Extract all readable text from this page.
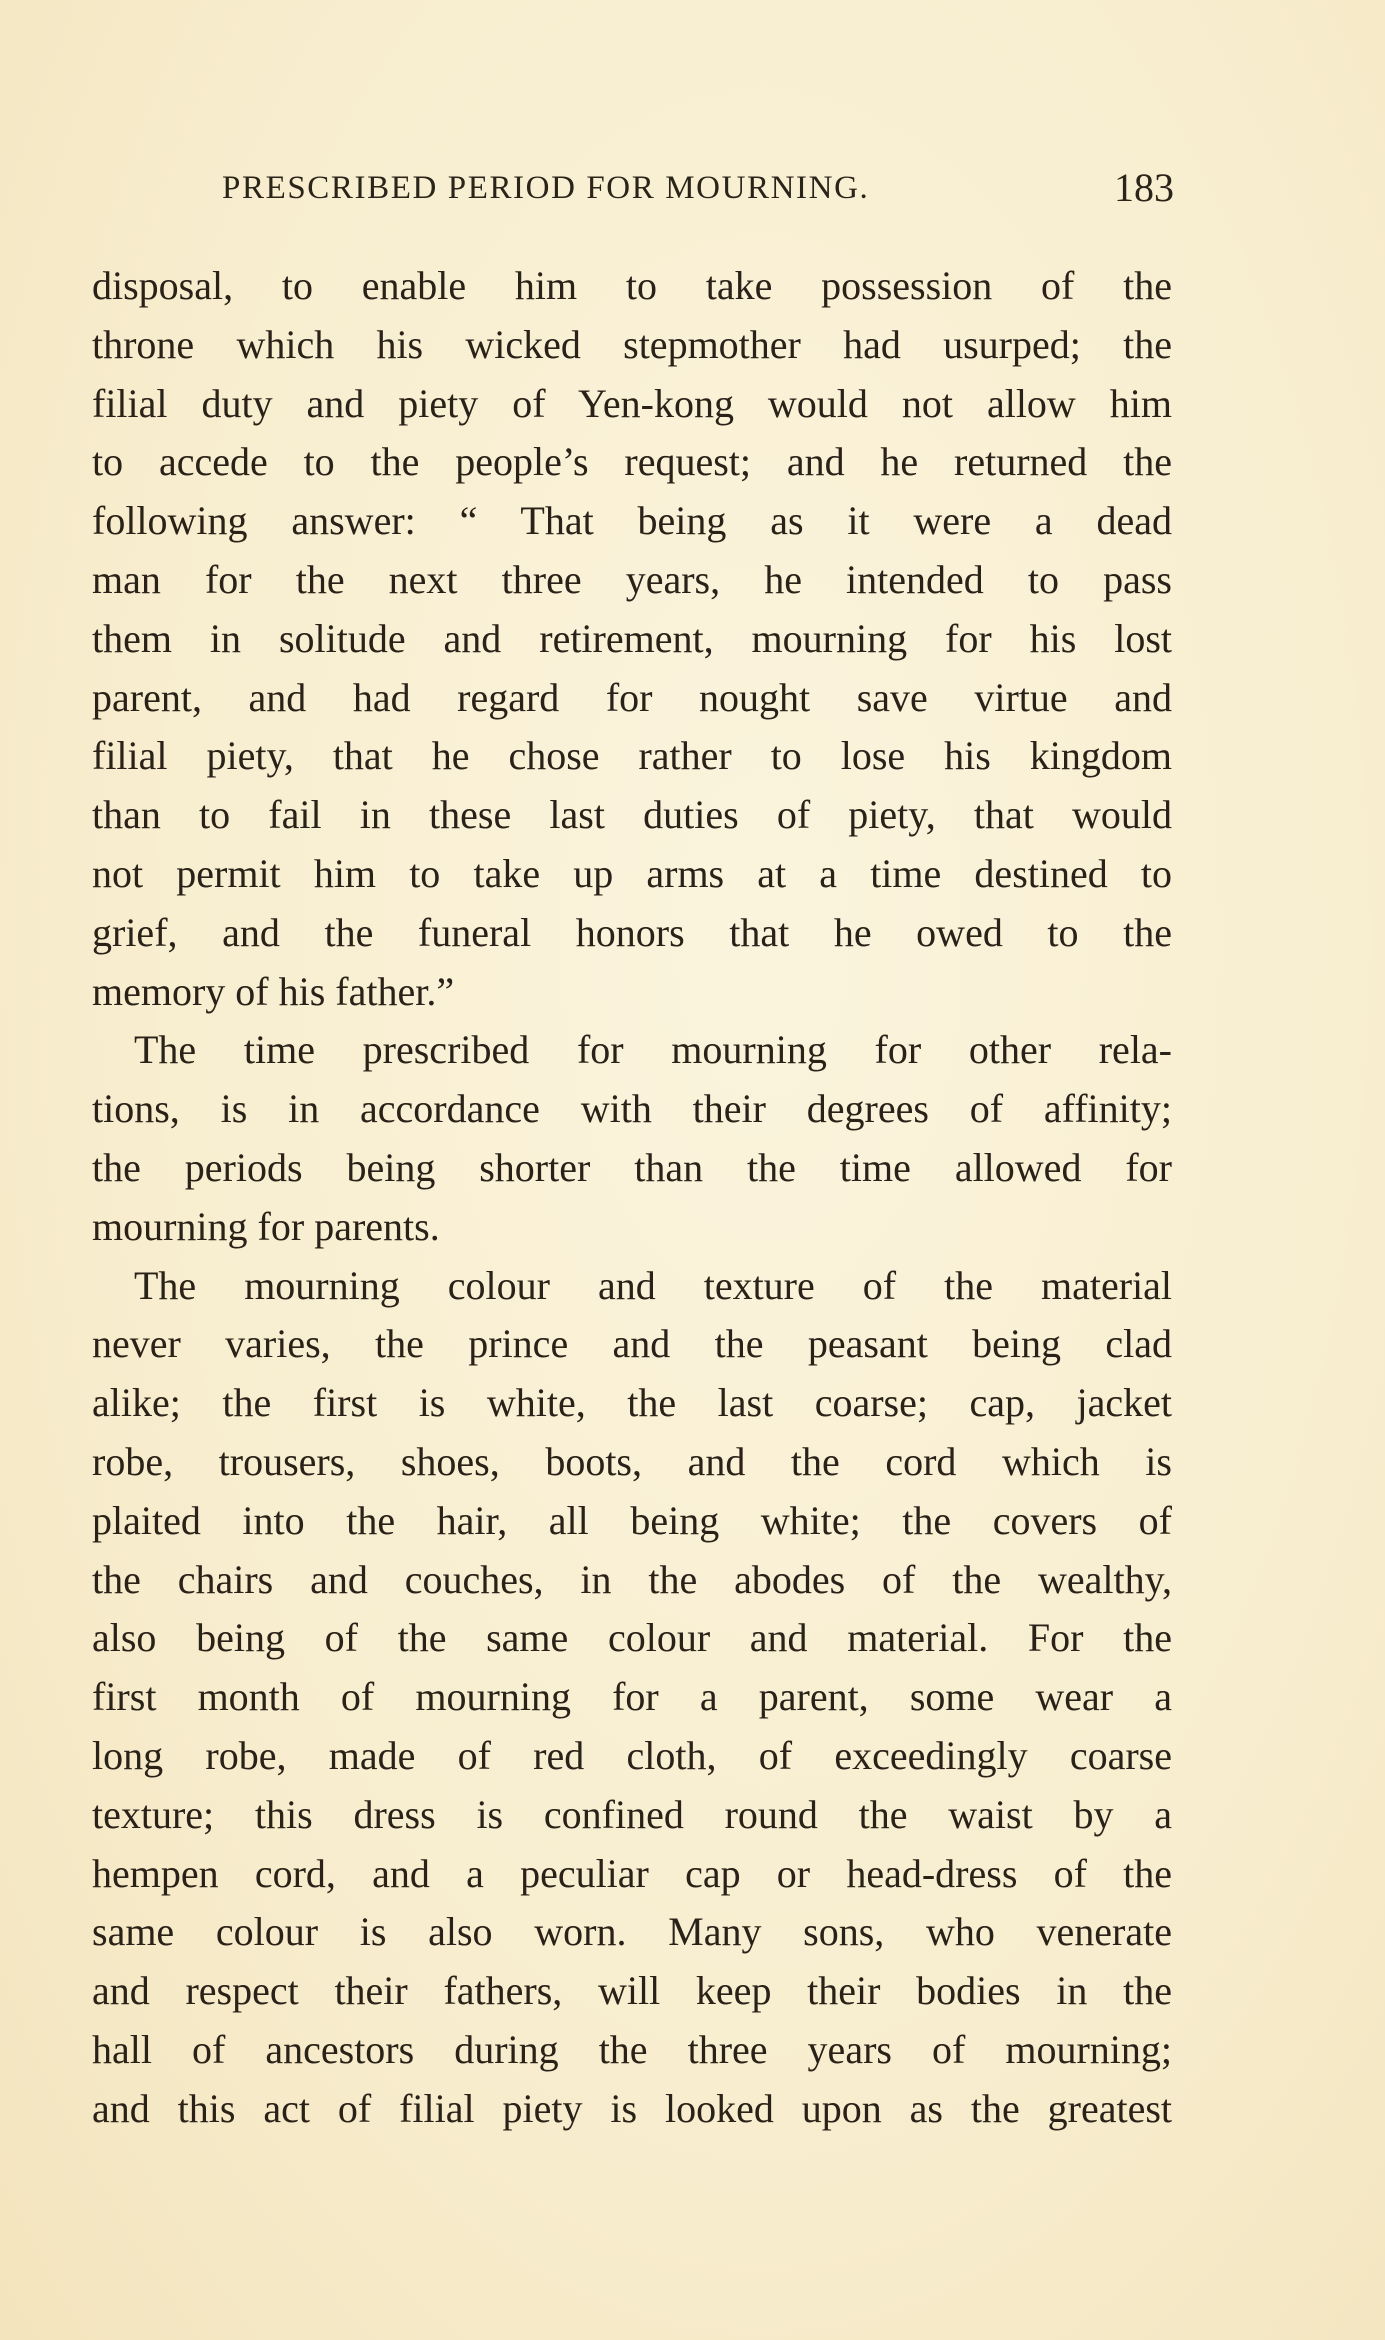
PRESCRIBED PERIOD FOR MOURNING.	183
disposal, to enable him to take possession of the
throne which his wicked stepmother had usurped; the
filial duty and piety of Yen-kong would not allow him
to accede to the people’s request; and he returned the
following answer: “ That being as it were a dead
man for the next three years, he intended to pass
them in solitude and retirement, mourning for his lost
parent, and had regard for nought save virtue and
filial piety, that he chose rather to lose his kingdom
than to fail in these last duties of piety, that would
not permit him to take up arms at a time destined to
grief, and the funeral honors that he owed to the
memory of his father.”
The time prescribed for mourning for other rela-
tions, is in accordance with their degrees of affinity;
the periods being shorter than the time allowed for
mourning for parents.
The mourning colour and texture of the material
never varies, the prince and the peasant being clad
alike; the first is white, the last coarse; cap, jacket
robe, trousers, shoes, boots, and the cord which is
plaited into the hair, all being white; the covers of
the chairs and couches, in the abodes of the wealthy,
also being of the same colour and material. For the
first month of mourning for a parent, some wear a
long robe, made of red cloth, of exceedingly coarse
texture; this dress is confined round the waist by a
hempen cord, and a peculiar cap or head-dress of the
same colour is also worn. Many sons, who venerate
and respect their fathers, will keep their bodies in the
hall of ancestors during the three years of mourning;
and this act of filial piety is looked upon as the greatest
